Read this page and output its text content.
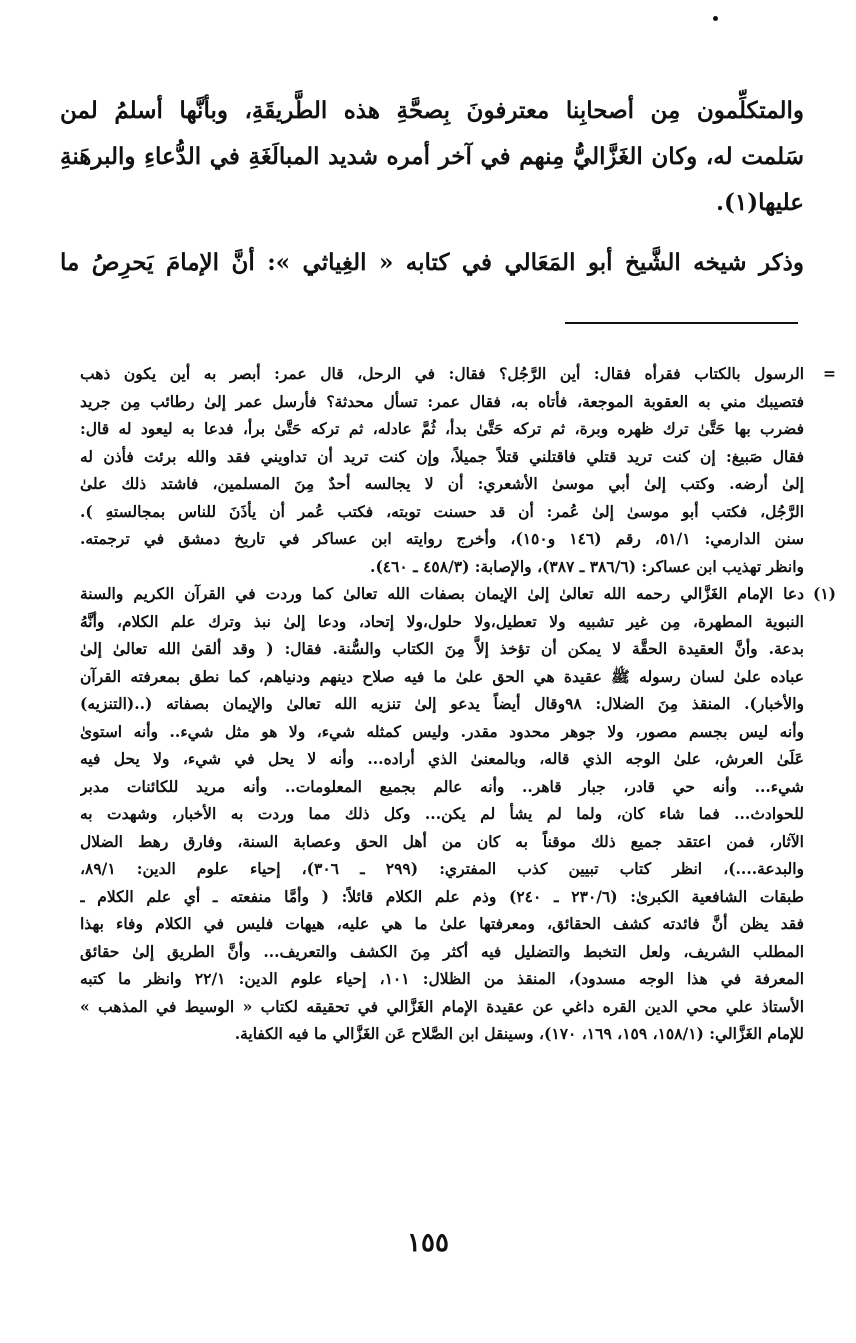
والمتكلِّمون مِن أصحابِنا معترفونَ بِصحَّةِ هذه الطَّريقَةِ، وبأنَّها أسلمُ لمن
سَلمت له، وكان الغَزَّاليُّ مِنهم في آخر أمره شديد المبالَغَةِ في الدُّعاءِ والبرهَنةِ
عليها(١).
وذكر شيخه الشَّيخ أبو المَعَالي في كتابه « الغِياثي »: أنَّ الإمامَ يَحرِصُ ما
=
الرسول بالكتاب فقرأه فقال: أين الرَّجُل؟ فقال: في الرحل، قال عمر: أبصر به أين يكون ذهب
فتصيبك مني به العقوبة الموجعة، فأتاه به، فقال عمر: تسأل محدثة؟ فأرسل عمر إلىٰ رطائب مِن جريد
فضرب بها حَتَّىٰ ترك ظهره وبرة، ثم تركه حَتَّىٰ بدأ، ثُمَّ عادله، ثم تركه حَتَّىٰ برأ، فدعا به ليعود له قال:
فقال صَبيغ: إن كنت تريد قتلي فاقتلني قتلاً جميلاً، وإن كنت تريد أن تداويني فقد والله برئت فأذن له
إلىٰ أرضه. وكتب إلىٰ أبي موسىٰ الأشعري: أن لا يجالسه أحدٌ مِنَ المسلمين، فاشتد ذلك علىٰ
الرَّجُل، فكتب أبو موسىٰ إلىٰ عُمر: أن قد حسنت توبته، فكتب عُمر أن يأذَنَ للناس بمجالستهِ ).
سنن الدارمي: ٥١/١، رقم (١٤٦ و١٥٠)، وأخرج روايته ابن عساكر في تاريخ دمشق في ترجمته.
وانظر تهذيب ابن عساكر: (٣٨٦/٦ ـ ٣٨٧)، والإصابة: (٤٥٨/٣ ـ ٤٦٠).
(١)
دعا الإمام الغَزَّالي رحمه الله تعالىٰ إلىٰ الإيمان بصفات الله تعالىٰ كما وردت في القرآن الكريم والسنة
النبوية المطهرة، مِن غير تشبيه ولا تعطيل،ولا حلول،ولا إتحاد، ودعا إلىٰ نبذ وترك علم الكلام، وأنَّهُ
بدعة. وأنَّ العقيدة الحقَّة لا يمكن أن تؤخذ إلاَّ مِنَ الكتاب والسُّنة. فقال: ( وقد ألقىٰ الله تعالىٰ إلىٰ
عباده علىٰ لسان رسوله ﷺ عقيدة هي الحق علىٰ ما فيه صلاح دينهم ودنياهم، كما نطق بمعرفته القرآن
والأخبار). المنقذ مِنَ الضلال: ٩٨وقال أيضاً يدعو إلىٰ تنزيه الله تعالىٰ والإيمان بصفاته (..(التنزيه)
وأنه ليس بجسم مصور، ولا جوهر محدود مقدر. وليس كمثله شيء، ولا هو مثل شيء.. وأنه استوىٰ
عَلَىٰ العرش، علىٰ الوجه الذي قاله، وبالمعنىٰ الذي أراده... وأنه لا يحل في شيء، ولا يحل فيه
شيء... وأنه حي قادر، جبار قاهر.. وأنه عالم بجميع المعلومات.. وأنه مريد للكائنات مدبر
للحوادث... فما شاء كان، ولما لم يشأ لم يكن... وكل ذلك مما وردت به الأخبار، وشهدت به
الآثار، فمن اعتقد جميع ذلك موقناً به كان من أهل الحق وعصابة السنة، وفارق رهط الضلال
والبدعة....)، انظر كتاب تبيين كذب المفتري: (٢٩٩ ـ ٣٠٦)، إحياء علوم الدين: ٨٩/١،
طبقات الشافعية الكبرىٰ: (٢٣٠/٦ ـ ٢٤٠) وذم علم الكلام قائلاً: ( وأمَّا منفعته ـ أي علم الكلام ـ
فقد يظن أنَّ فائدته كشف الحقائق، ومعرفتها علىٰ ما هي عليه، هيهات فليس في الكلام وفاء بهذا
المطلب الشريف، ولعل التخبط والتضليل فيه أكثر مِنَ الكشف والتعريف... وأنَّ الطريق إلىٰ حقائق
المعرفة في هذا الوجه مسدود)، المنقذ من الظلال: ١٠١، إحياء علوم الدين: ٢٢/١ وانظر ما كتبه
الأستاذ علي محي الدين القره داغي عن عقيدة الإمام الغَزَّالي في تحقيقه لكتاب « الوسيط في المذهب »
للإمام الغَزَّالي: (١٥٨/١، ١٥٩، ١٦٩، ١٧٠)، وسينقل ابن الصَّلاح عَن الغَزَّالي ما فيه الكفاية.
١٥٥
